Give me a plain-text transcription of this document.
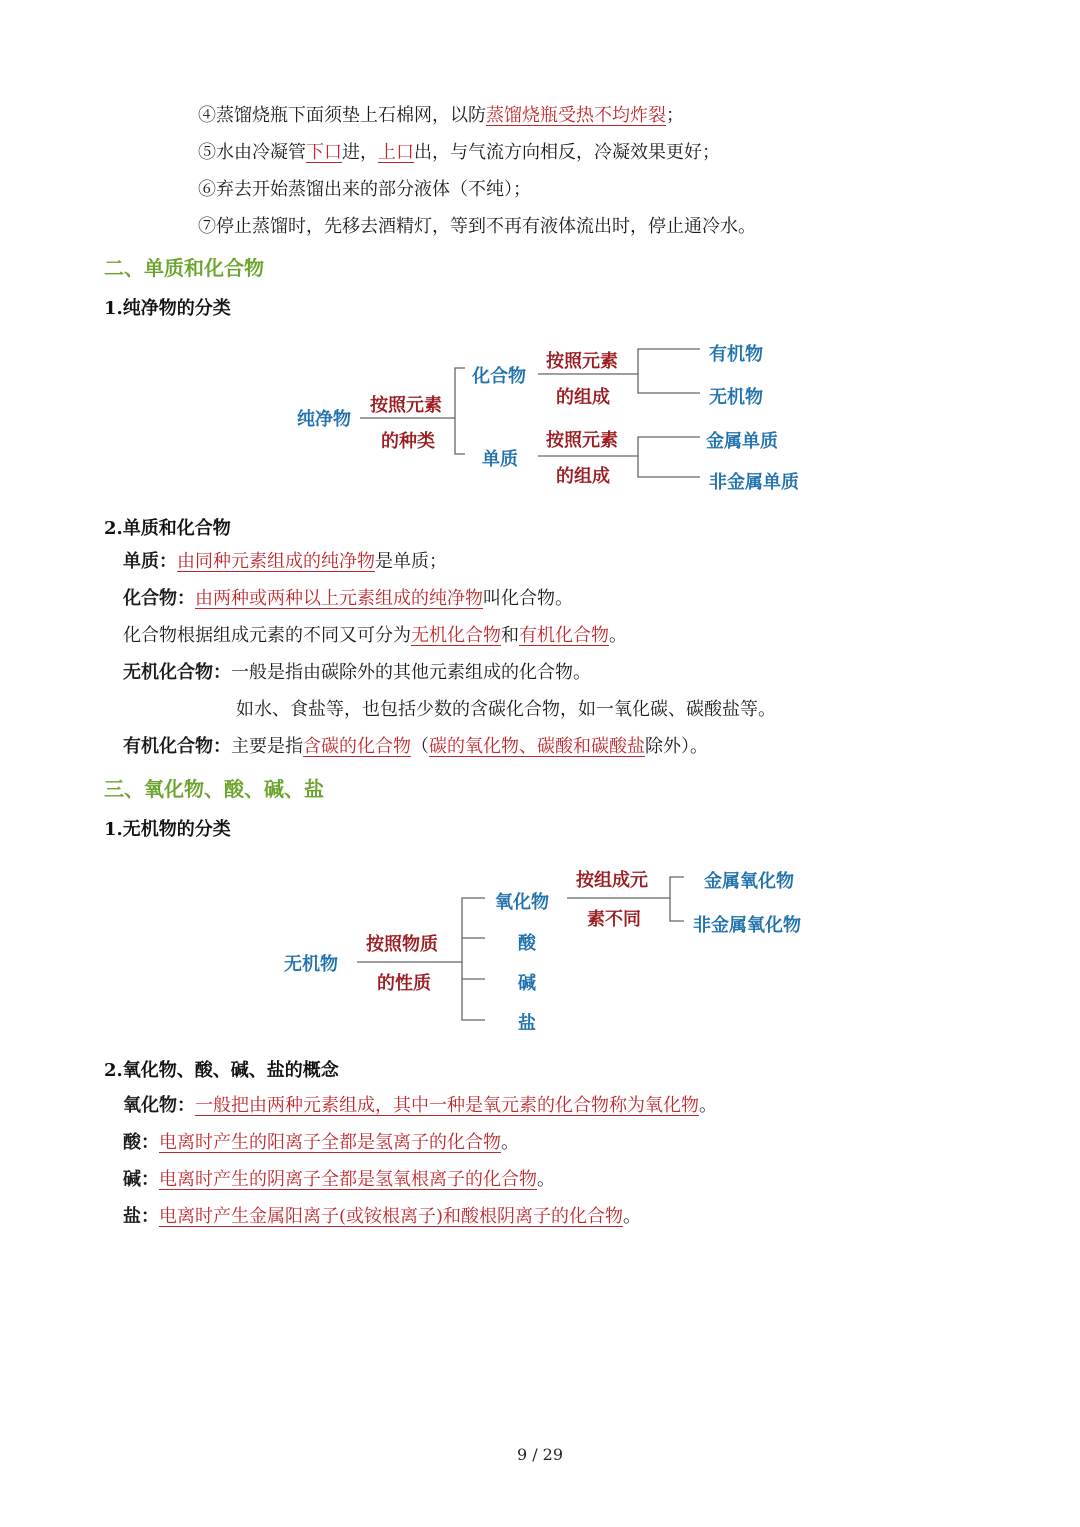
④蒸馏烧瓶下面须垫上石棉网，以防蒸馏烧瓶受热不均炸裂；
⑤水由冷凝管下口进，上口出，与气流方向相反，冷凝效果更好；
⑥弃去开始蒸馏出来的部分液体（不纯）；
⑦停止蒸馏时，先移去酒精灯，等到不再有液体流出时，停止通冷水。
二、单质和化合物
1.纯净物的分类
纯净物
按照元素
的种类
化合物
单质
按照元素
的组成
按照元素
的组成
有机物
无机物
金属单质
非金属单质
2.单质和化合物
单质：由同种元素组成的纯净物是单质；
化合物：由两种或两种以上元素组成的纯净物叫化合物。
化合物根据组成元素的不同又可分为无机化合物和有机化合物。
无机化合物：一般是指由碳除外的其他元素组成的化合物。
如水、食盐等，也包括少数的含碳化合物，如一氧化碳、碳酸盐等。
有机化合物：主要是指含碳的化合物（碳的氧化物、碳酸和碳酸盐除外）。
三、氧化物、酸、碱、盐
1.无机物的分类
无机物
按照物质
的性质
氧化物
酸
碱
盐
按组成元
素不同
金属氧化物
非金属氧化物
2.氧化物、酸、碱、盐的概念
氧化物：一般把由两种元素组成，其中一种是氧元素的化合物称为氧化物。
酸：电离时产生的阳离子全都是氢离子的化合物。
碱：电离时产生的阴离子全都是氢氧根离子的化合物。
盐：电离时产生金属阳离子(或铵根离子)和酸根阴离子的化合物。
9 / 29
